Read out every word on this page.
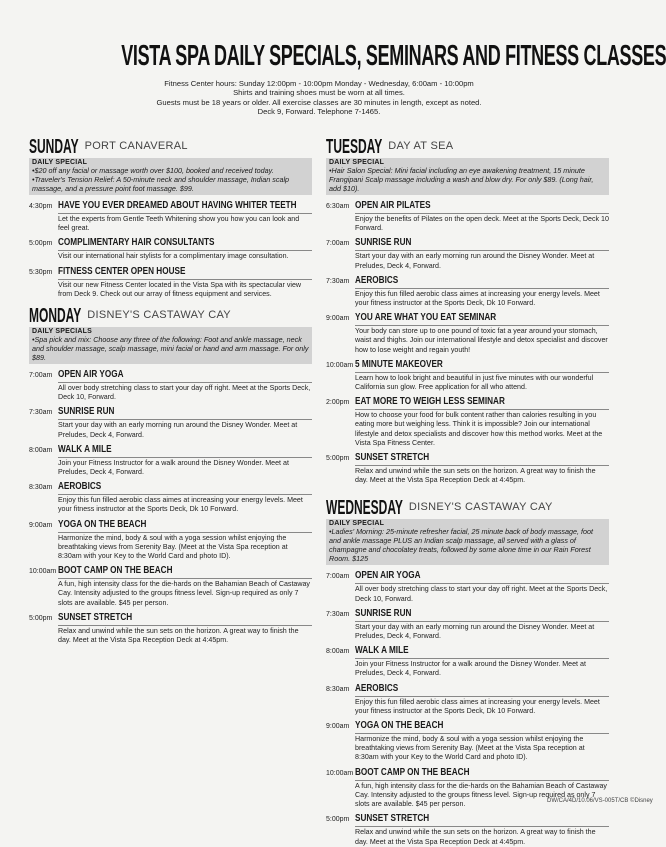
VISTA SPA DAILY SPECIALS, SEMINARS AND FITNESS CLASSES
Fitness Center hours: Sunday 12:00pm - 10:00pm Monday - Wednesday, 6:00am - 10:00pm
Shirts and training shoes must be worn at all times.
Guests must be 18 years or older. All exercise classes are 30 minutes in length, except as noted.
Deck 9, Forward. Telephone 7-1465.
SUNDAY PORT CANAVERAL
DAILY SPECIAL
•$20 off any facial or massage worth over $100, booked and received today.
•Traveler's Tension Relief: A 50-minute neck and shoulder massage, Indian scalp massage, and a pressure point foot massage. $99.
4:30pm HAVE YOU EVER DREAMED ABOUT HAVING WHITER TEETH
Let the experts from Gentle Teeth Whitening show you how you can look and feel great.
5:00pm COMPLIMENTARY HAIR CONSULTANTS
Visit our international hair stylists for a complimentary image consultation.
5:30pm FITNESS CENTER OPEN HOUSE
Visit our new Fitness Center located in the Vista Spa with its spectacular view from Deck 9. Check out our array of fitness equipment and services.
MONDAY DISNEY'S CASTAWAY CAY
DAILY SPECIALS
•Spa pick and mix: Choose any three of the following: Foot and ankle massage, neck and shoulder massage, scalp massage, mini facial or hand and arm massage. For only $89.
7:00am OPEN AIR YOGA
All over body stretching class to start your day off right. Meet at the Sports Deck, Deck 10, Forward.
7:30am SUNRISE RUN
Start your day with an early morning run around the Disney Wonder. Meet at Preludes, Deck 4, Forward.
8:00am WALK A MILE
Join your Fitness Instructor for a walk around the Disney Wonder. Meet at Preludes, Deck 4, Forward.
8:30am AEROBICS
Enjoy this fun filled aerobic class aimes at increasing your energy levels. Meet your fitness instructor at the Sports Deck, Dk 10 Forward.
9:00am YOGA ON THE BEACH
Harmonize the mind, body & soul with a yoga session whilst enjoying the breathtaking views from Serenity Bay. (Meet at the Vista Spa reception at 8:30am with your Key to the World Card and photo ID).
10:00am BOOT CAMP ON THE BEACH
A fun, high intensity class for the die-hards on the Bahamian Beach of Castaway Cay. Intensity adjusted to the groups fitness level. Sign-up required as only 7 slots are available. $45 per person.
5:00pm SUNSET STRETCH
Relax and unwind while the sun sets on the horizon. A great way to finish the day. Meet at the Vista Spa Reception Deck at 4:45pm.
TUESDAY DAY AT SEA
DAILY SPECIAL
•Hair Salon Special: Mini facial including an eye awakening treatment, 15 minute Frangipani Scalp massage including a wash and blow dry. For only $89. (Long hair, add $10).
6:30am OPEN AIR PILATES
Enjoy the benefits of Pilates on the open deck. Meet at the Sports Deck, Deck 10 Forward.
7:00am SUNRISE RUN
Start your day with an early morning run around the Disney Wonder. Meet at Preludes, Deck 4, Forward.
7:30am AEROBICS
Enjoy this fun filled aerobic class aimes at increasing your energy levels. Meet your fitness instructor at the Sports Deck, Dk 10 Forward.
9:00am YOU ARE WHAT YOU EAT SEMINAR
Your body can store up to one pound of toxic fat a year around your stomach, waist and thighs. Join our international lifestyle and detox specialist and discover how to lose weight and regain youth!
10:00am 5 MINUTE MAKEOVER
Learn how to look bright and beautiful in just five minutes with our wonderful California sun glow. Free application for all who attend.
2:00pm EAT MORE TO WEIGH LESS SEMINAR
How to choose your food for bulk content rather than calories resulting in you eating more but weighing less. Think it is impossible? Join our international lifestyle and detox specialists and discover how this method works. Meet at the Vista Spa Fitness Center.
5:00pm SUNSET STRETCH
Relax and unwind while the sun sets on the horizon. A great way to finish the day. Meet at the Vista Spa Reception Deck at 4:45pm.
WEDNESDAY DISNEY'S CASTAWAY CAY
DAILY SPECIAL
•Ladies' Morning: 25-minute refresher facial, 25 minute back of body massage, foot and ankle massage PLUS an Indian scalp massage, all served with a glass of champagne and chocolatey treats, followed by some alone time in our Rain Forest Room. $125
7:00am OPEN AIR YOGA
All over body stretching class to start your day off right. Meet at the Sports Deck, Deck 10, Forward.
7:30am SUNRISE RUN
Start your day with an early morning run around the Disney Wonder. Meet at Preludes, Deck 4, Forward.
8:00am WALK A MILE
Join your Fitness Instructor for a walk around the Disney Wonder. Meet at Preludes, Deck 4, Forward.
8:30am AEROBICS
Enjoy this fun filled aerobic class aimes at increasing your energy levels. Meet your fitness instructor at the Sports Deck, Dk 10 Forward.
9:00am YOGA ON THE BEACH
Harmonize the mind, body & soul with a yoga session whilst enjoying the breathtaking views from Serenity Bay. (Meet at the Vista Spa reception at 8:30am with your Key to the World Card and photo ID).
10:00am BOOT CAMP ON THE BEACH
A fun, high intensity class for the die-hards on the Bahamian Beach of Castaway Cay. Intensity adjusted to the groups fitness level. Sign-up required as only 7 slots are available. $45 per person.
5:00pm SUNSET STRETCH
Relax and unwind while the sun sets on the horizon. A great way to finish the day. Meet at the Vista Spa Reception Deck at 4:45pm.
DW/CA/4D/10.06/VS-005T/CB ©Disney
